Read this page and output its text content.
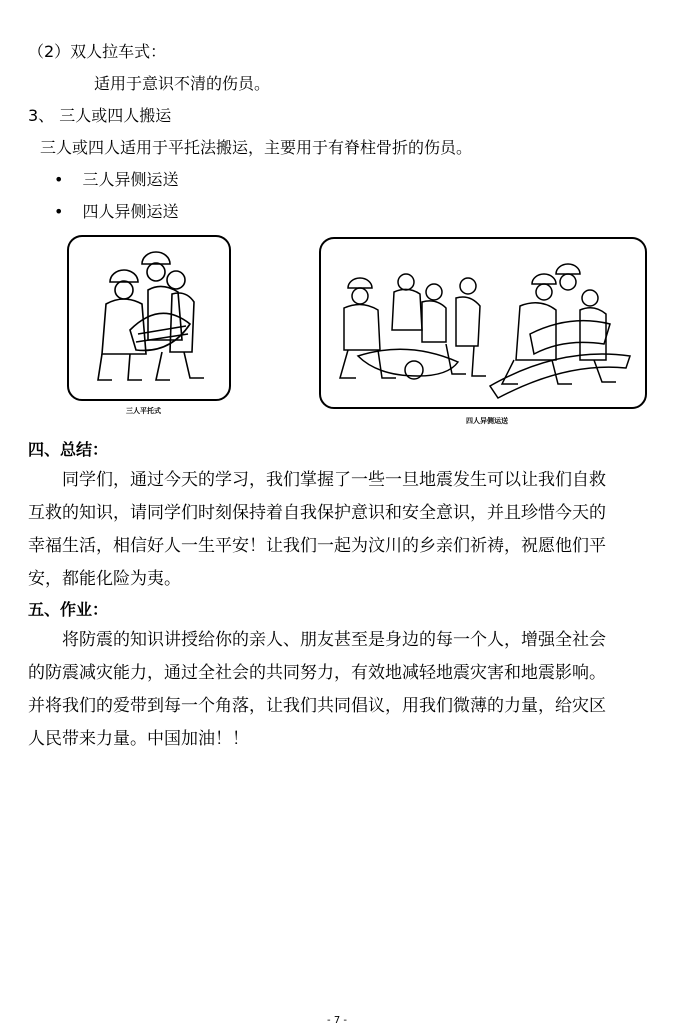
（2）双人拉车式：
适用于意识不清的伤员。
3、 三人或四人搬运
三人或四人适用于平托法搬运，主要用于有脊柱骨折的伤员。
• 三人异侧运送
• 四人异侧运送
三人平托式
四人异侧运送
四、总结：
同学们，通过今天的学习，我们掌握了一些一旦地震发生可以让我们自救互救的知识，请同学们时刻保持着自我保护意识和安全意识，并且珍惜今天的幸福生活，相信好人一生平安！让我们一起为汶川的乡亲们祈祷，祝愿他们平安，都能化险为夷。
五、作业：
将防震的知识讲授给你的亲人、朋友甚至是身边的每一个人，增强全社会的防震减灾能力，通过全社会的共同努力，有效地减轻地震灾害和地震影响。并将我们的爱带到每一个角落，让我们共同倡议，用我们微薄的力量，给灾区人民带来力量。中国加油！！
- 7 -
